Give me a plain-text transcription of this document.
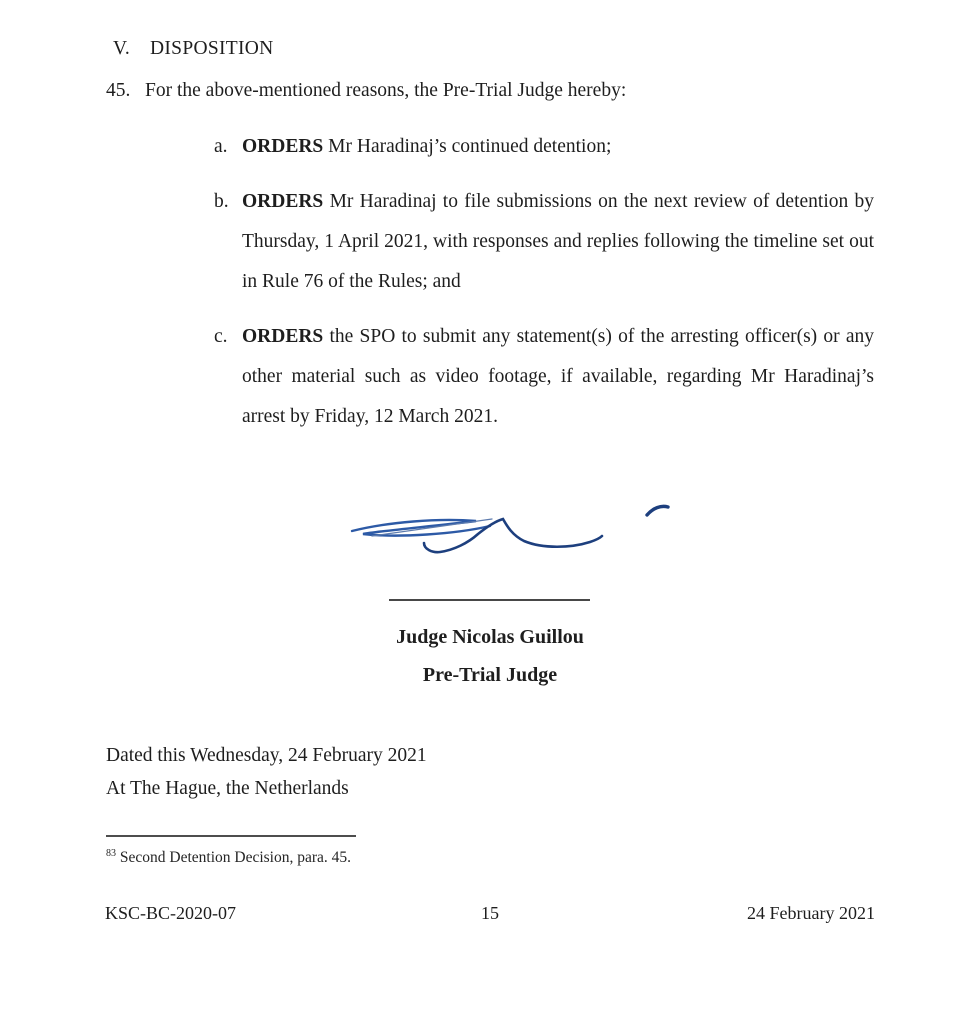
V. DISPOSITION
45. For the above-mentioned reasons, the Pre-Trial Judge hereby:
a. ORDERS Mr Haradinaj’s continued detention;
b. ORDERS Mr Haradinaj to file submissions on the next review of detention by Thursday, 1 April 2021, with responses and replies following the timeline set out in Rule 76 of the Rules; and
c. ORDERS the SPO to submit any statement(s) of the arresting officer(s) or any other material such as video footage, if available, regarding Mr Haradinaj’s arrest by Friday, 12 March 2021.
Judge Nicolas Guillou
Pre-Trial Judge
Dated this Wednesday, 24 February 2021
At The Hague, the Netherlands
$^{83}$ Second Detention Decision, para. 45.
15
KSC-BC-2020-07	24 February 2021
